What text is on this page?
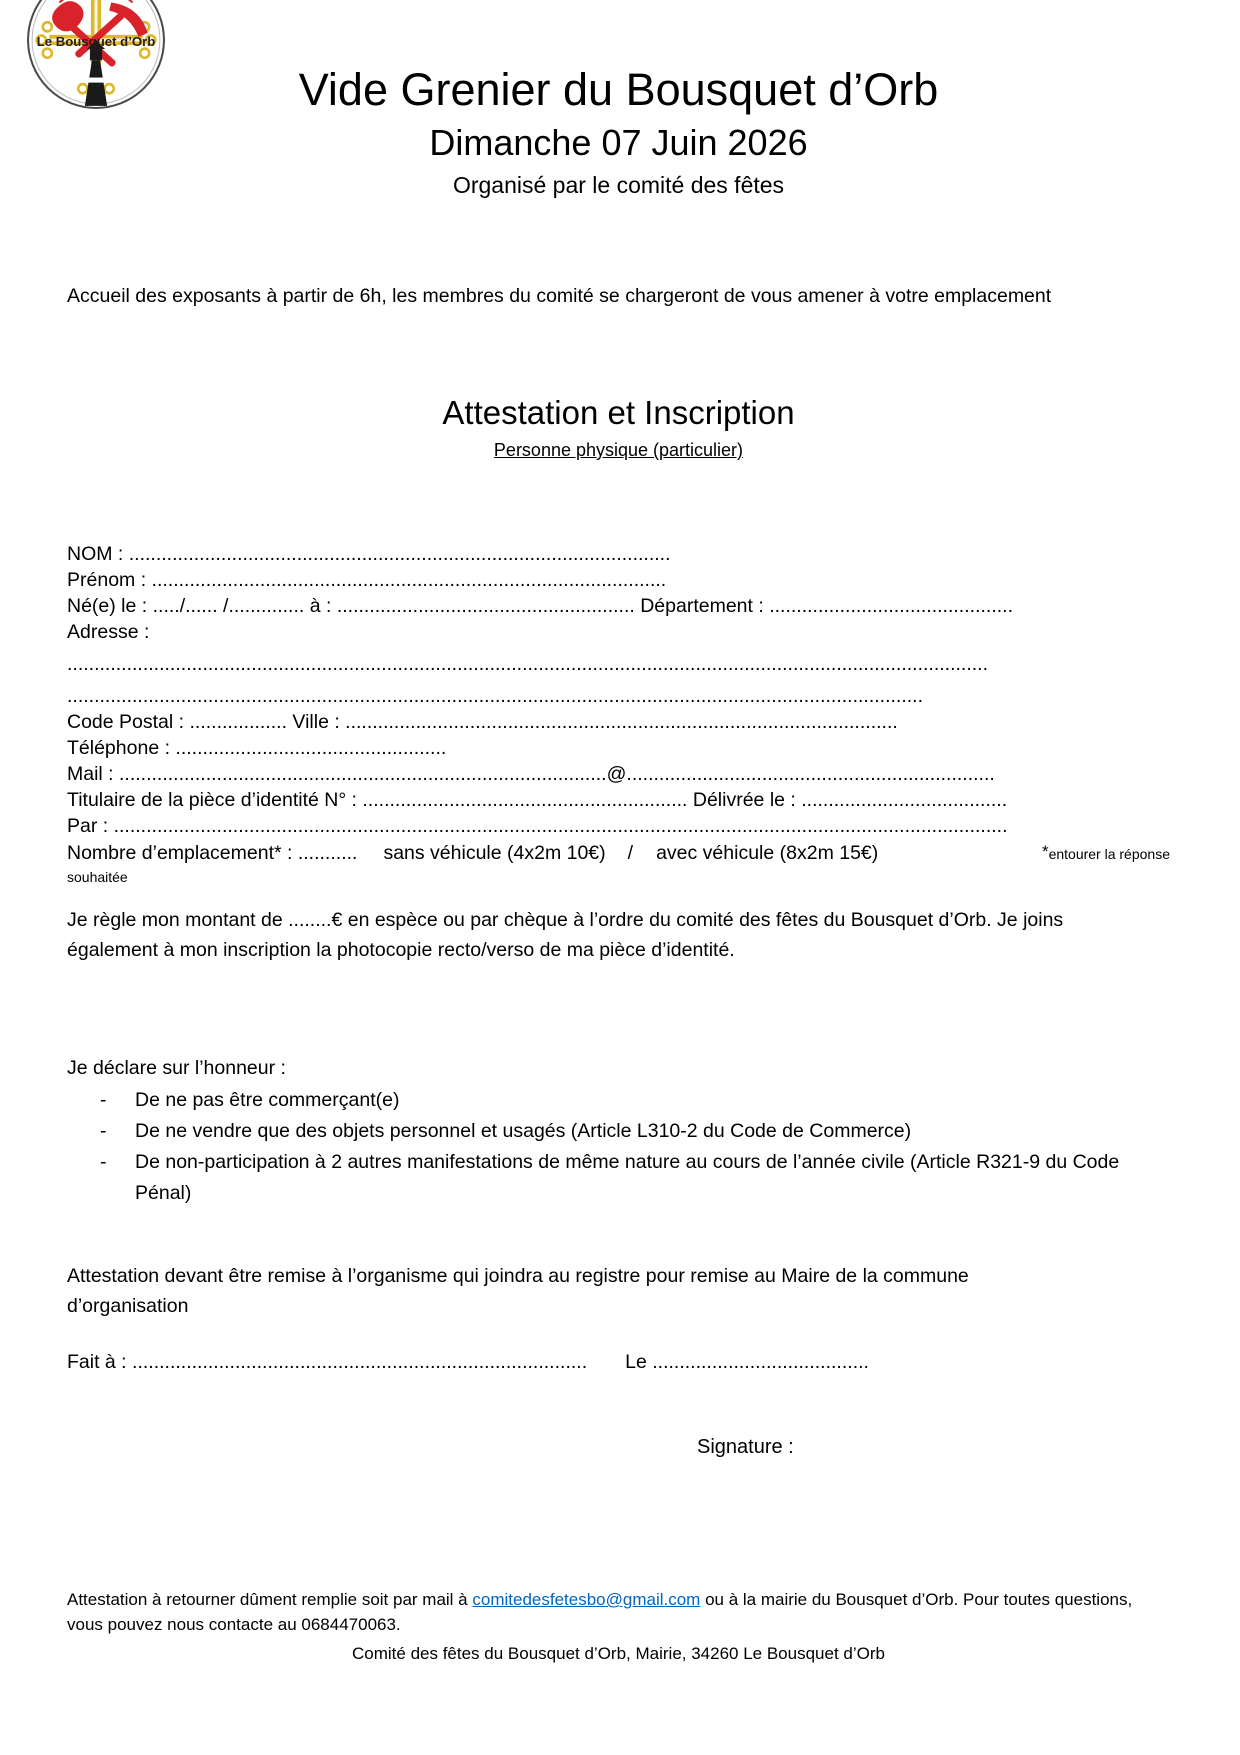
Le Bousquet d’Orb
Vide Grenier du Bousquet d’Orb
Dimanche 07 Juin 2026
Organisé par le comité des fêtes

Accueil des exposants à partir de 6h, les membres du comité se chargeront de vous amener à votre emplacement

Attestation et Inscription
Personne physique (particulier)
NOM : ....................................................................................................
Prénom : ...............................................................................................
Né(e) le : ...../...... /.............. à : ....................................................... Département : .............................................
Adresse :
..........................................................................................................................................................................
..............................................................................................................................................................
Code Postal : .................. Ville : ......................................................................................................
Téléphone : ..................................................
Mail : ..........................................................................................@....................................................................
Titulaire de la pièce d’identité N° : ............................................................ Délivrée le : ......................................
Par : .....................................................................................................................................................................
Nombre d’emplacement* : ........... sans véhicule (4x2m 10€) / avec véhicule (8x2m 15€)	*entourer la réponse
souhaitée

Je règle mon montant de ........€ en espèce ou par chèque à l’ordre du comité des fêtes du Bousquet d’Orb. Je joins également à mon inscription la photocopie recto/verso de ma pièce d’identité.

Je déclare sur l’honneur :

-	De ne pas être commerçant(e)
-	De ne vendre que des objets personnel et usagés (Article L310-2 du Code de Commerce)
-	De non-participation à 2 autres manifestations de même nature au cours de l’année civile (Article R321-9 du Code Pénal)

Attestation devant être remise à l’organisme qui joindra au registre pour remise au Maire de la commune d’organisation

Fait à : .................................................................................... Le ........................................
Signature :

Attestation à retourner dûment remplie soit par mail à comitedesfetesbo@gmail.com ou à la mairie du Bousquet d’Orb. Pour toutes questions, vous pouvez nous contacte au 0684470063.

Comité des fêtes du Bousquet d’Orb, Mairie, 34260 Le Bousquet d’Orb
